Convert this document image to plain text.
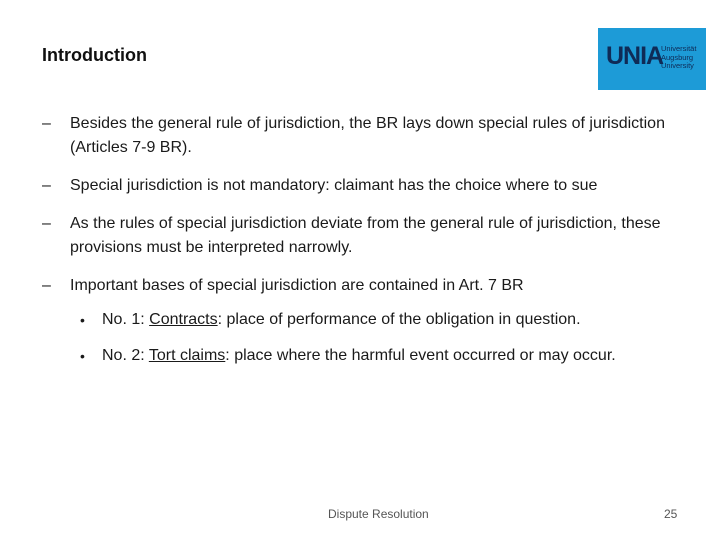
Introduction	UNIA
Universität
Augsburg
University
– Besides the general rule of jurisdiction, the BR lays down special rules of jurisdiction (Articles 7-9 BR).
– Special jurisdiction is not mandatory: claimant has the choice where to sue
– As the rules of special jurisdiction deviate from the general rule of jurisdiction, these provisions must be interpreted narrowly.
– Important bases of special jurisdiction are contained in Art. 7 BR
• No. 1: Contracts: place of performance of the obligation in question.
• No. 2: Tort claims: place where the harmful event occurred or may occur.
Dispute Resolution	25
